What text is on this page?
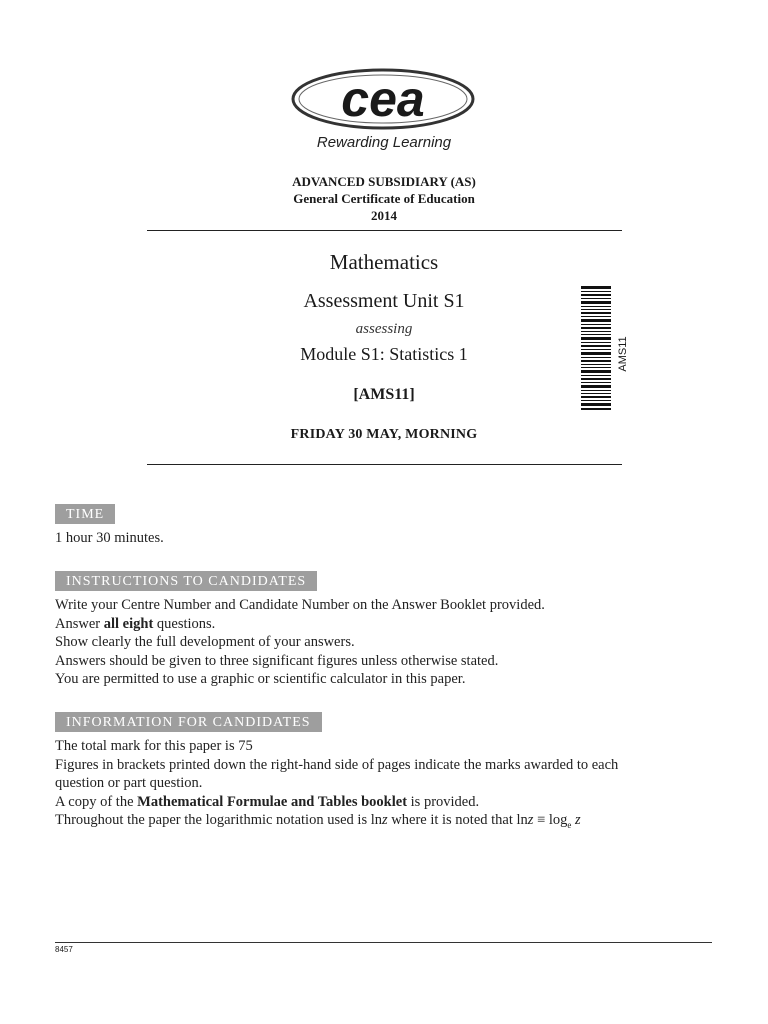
cea
Rewarding Learning
ADVANCED SUBSIDIARY (AS)
General Certificate of Education
2014
Mathematics
Assessment Unit S1
assessing
Module S1: Statistics 1
[AMS11]
FRIDAY 30 MAY, MORNING
AMS11
TIME
1 hour 30 minutes.
INSTRUCTIONS TO CANDIDATES
Write your Centre Number and Candidate Number on the Answer Booklet provided.
Answer all eight questions.
Show clearly the full development of your answers.
Answers should be given to three significant figures unless otherwise stated.
You are permitted to use a graphic or scientific calculator in this paper.
INFORMATION FOR CANDIDATES
The total mark for this paper is 75
Figures in brackets printed down the right-hand side of pages indicate the marks awarded to each
question or part question.
A copy of the Mathematical Formulae and Tables booklet is provided.
Throughout the paper the logarithmic notation used is lnz where it is noted that $\ln z \equiv \log_e z$
8457
